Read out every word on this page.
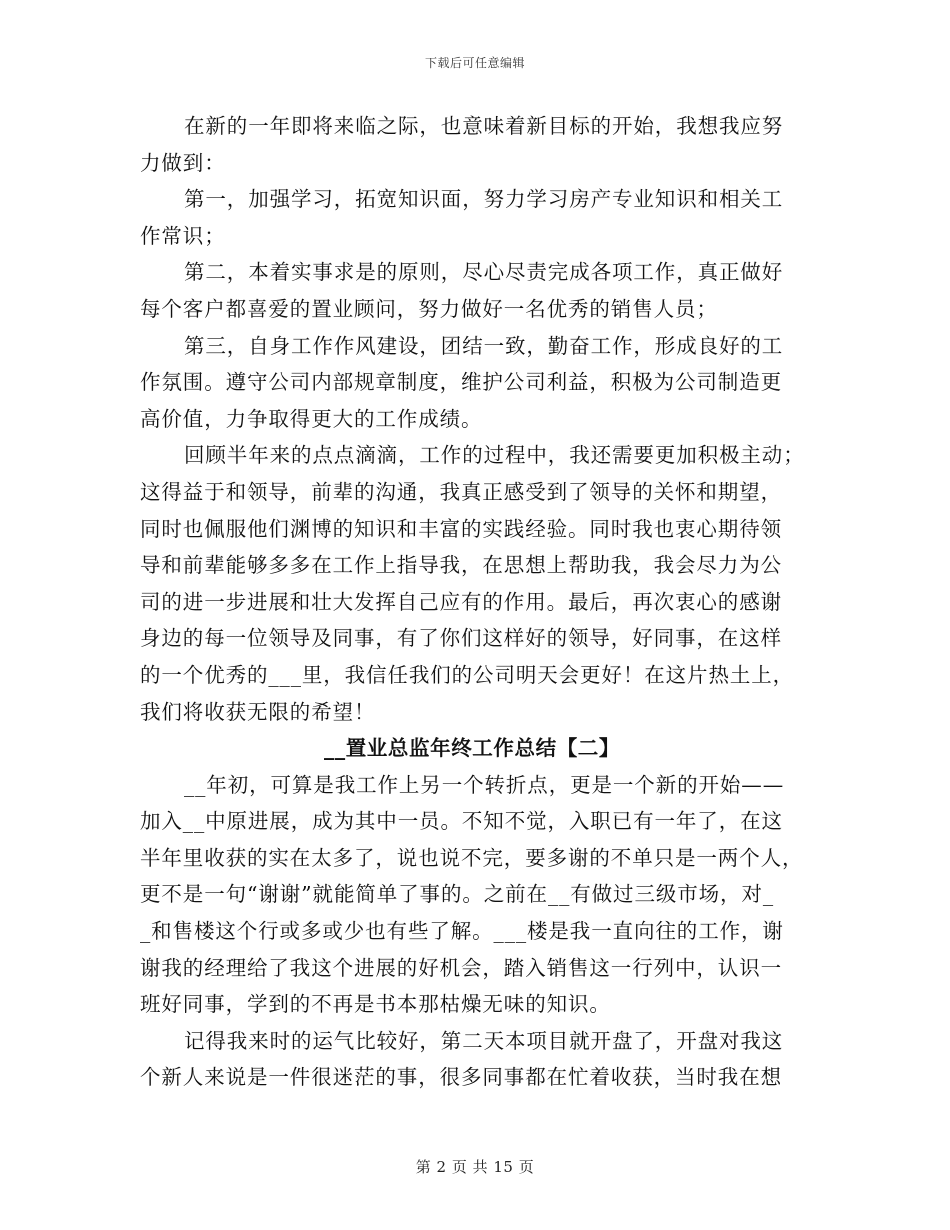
下载后可任意编辑
在新的一年即将来临之际，也意味着新目标的开始，我想我应努
力做到：
第一，加强学习，拓宽知识面，努力学习房产专业知识和相关工
作常识；
第二，本着实事求是的原则，尽心尽责完成各项工作，真正做好
每个客户都喜爱的置业顾问，努力做好一名优秀的销售人员；
第三，自身工作作风建设，团结一致，勤奋工作，形成良好的工
作氛围。遵守公司内部规章制度，维护公司利益，积极为公司制造更
高价值，力争取得更大的工作成绩。
回顾半年来的点点滴滴，工作的过程中，我还需要更加积极主动；
这得益于和领导，前辈的沟通，我真正感受到了领导的关怀和期望，
同时也佩服他们渊博的知识和丰富的实践经验。同时我也衷心期待领
导和前辈能够多多在工作上指导我，在思想上帮助我，我会尽力为公
司的进一步进展和壮大发挥自己应有的作用。最后，再次衷心的感谢
身边的每一位领导及同事，有了你们这样好的领导，好同事，在这样
的一个优秀的___里，我信任我们的公司明天会更好！在这片热土上，
我们将收获无限的希望！
__置业总监年终工作总结【二】
__年初，可算是我工作上另一个转折点，更是一个新的开始——
加入__中原进展，成为其中一员。不知不觉，入职已有一年了，在这
半年里收获的实在太多了，说也说不完，要多谢的不单只是一两个人，
更不是一句“谢谢”就能简单了事的。之前在__有做过三级市场，对_
_和售楼这个行或多或少也有些了解。___楼是我一直向往的工作，谢
谢我的经理给了我这个进展的好机会，踏入销售这一行列中，认识一
班好同事，学到的不再是书本那枯燥无味的知识。
记得我来时的运气比较好，第二天本项目就开盘了，开盘对我这
个新人来说是一件很迷茫的事，很多同事都在忙着收获，当时我在想
第 2 页 共 15 页
